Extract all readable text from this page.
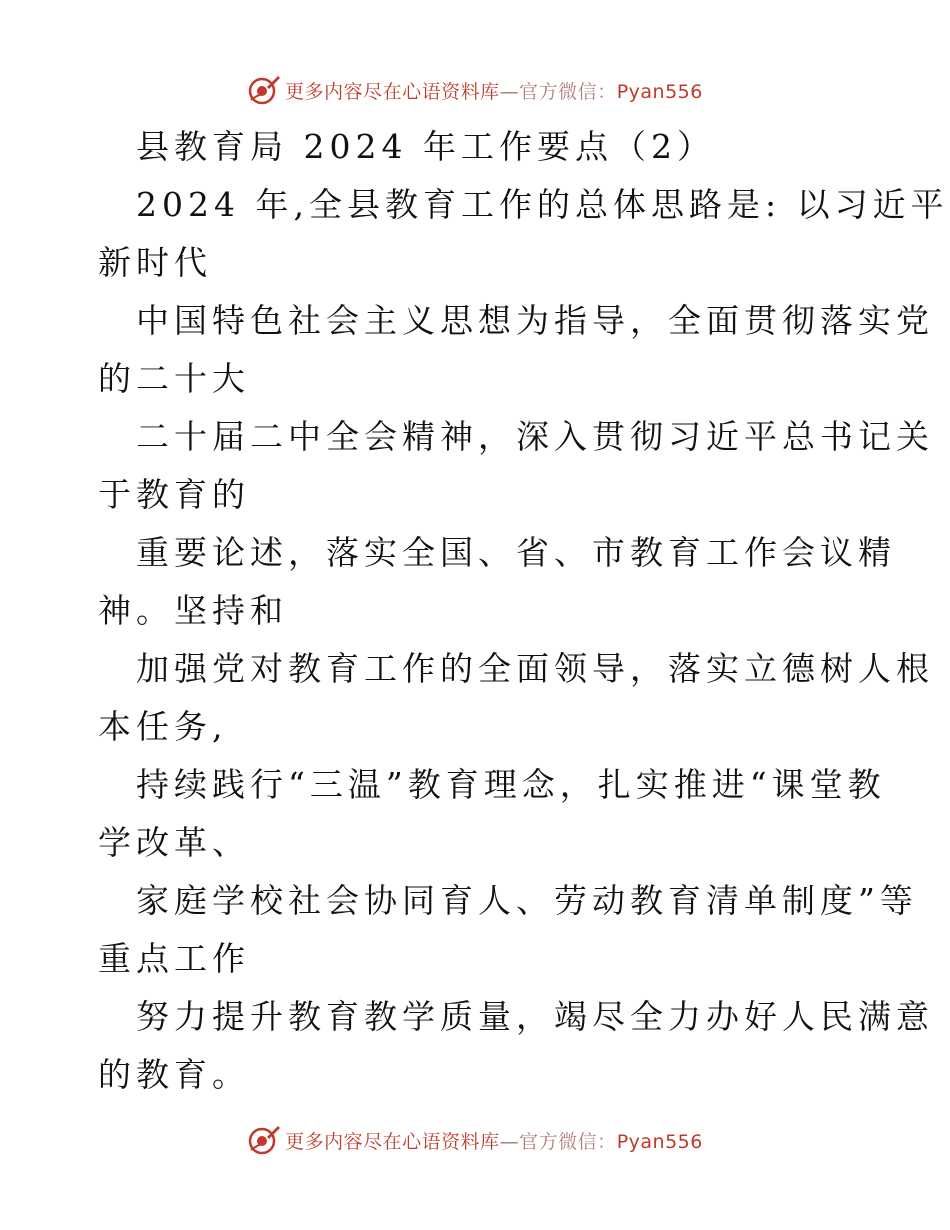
更多内容尽在心语资料库—官方微信：Pyan556
县教育局 2024 年工作要点（2）
2024 年,全县教育工作的总体思路是: 以习近平
新时代
中国特色社会主义思想为指导，全面贯彻落实党
的二十大
二十届二中全会精神，深入贯彻习近平总书记关
于教育的
重要论述，落实全国、省、市教育工作会议精
神。坚持和
加强党对教育工作的全面领导，落实立德树人根
本任务,
持续践行“三温”教育理念，扎实推进“课堂教
学改革、
家庭学校社会协同育人、劳动教育清单制度”等
重点工作
努力提升教育教学质量，竭尽全力办好人民满意
的教育。
更多内容尽在心语资料库—官方微信：Pyan556
